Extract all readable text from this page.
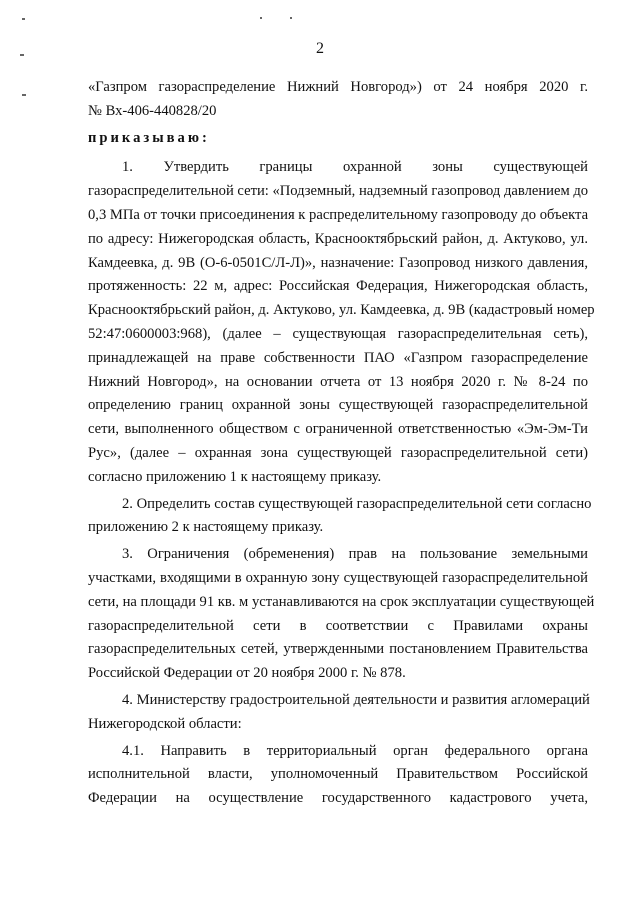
2
«Газпром газораспределение Нижний Новгород») от 24 ноября 2020 г.
№ Вх-406-440828/20
приказываю:
1. Утвердить границы охранной зоны существующей
газораспределительной сети: «Подземный, надземный газопровод давлением до
0,3 МПа от точки присоединения к распределительному газопроводу до объекта
по адресу: Нижегородская область, Краснооктябрьский район, д. Актуково, ул.
Камдеевка, д. 9В (О-6-0501С/Л-Л)», назначение: Газопровод низкого давления,
протяженность: 22 м, адрес: Российская Федерация, Нижегородская область,
Краснооктябрьский район, д. Актуково, ул. Камдеевка, д. 9В (кадастровый номер
52:47:0600003:968), (далее – существующая газораспределительная сеть),
принадлежащей на праве собственности ПАО «Газпром газораспределение
Нижний Новгород», на основании отчета от 13 ноября 2020 г. № 8-24 по
определению границ охранной зоны существующей газораспределительной
сети, выполненного обществом с ограниченной ответственностью «Эм-Эм-Ти
Рус», (далее – охранная зона существующей газораспределительной сети)
согласно приложению 1 к настоящему приказу.
2. Определить состав существующей газораспределительной сети согласно
приложению 2 к настоящему приказу.
3. Ограничения (обременения) прав на пользование земельными
участками, входящими в охранную зону существующей газораспределительной
сети, на площади 91 кв. м устанавливаются на срок эксплуатации существующей
газораспределительной сети в соответствии с Правилами охраны
газораспределительных сетей, утвержденными постановлением Правительства
Российской Федерации от 20 ноября 2000 г. № 878.
4. Министерству градостроительной деятельности и развития агломераций
Нижегородской области:
4.1. Направить в территориальный орган федерального органа
исполнительной власти, уполномоченный Правительством Российской
Федерации на осуществление государственного кадастрового учета,
